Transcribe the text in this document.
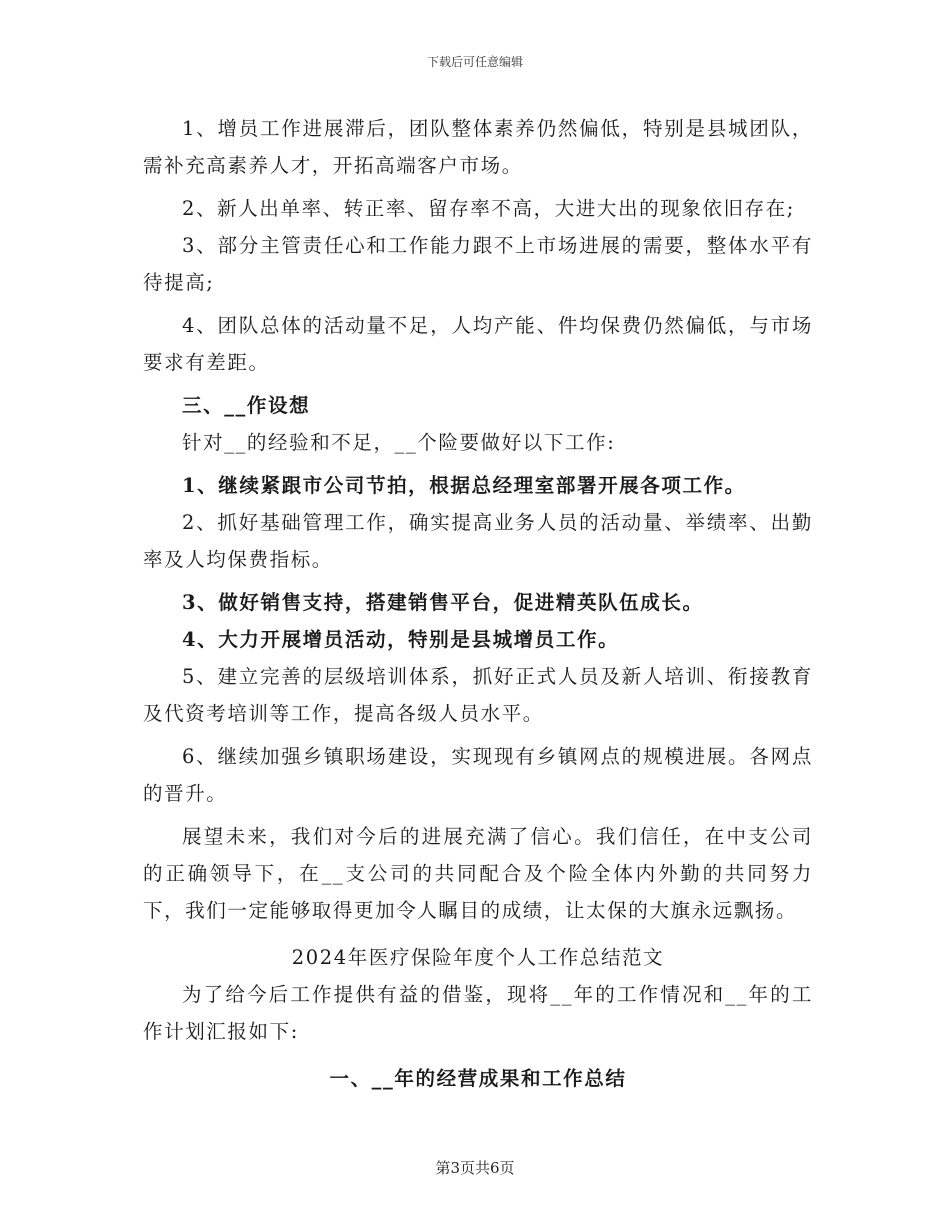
下载后可任意编辑

1、增员工作进展滞后，团队整体素养仍然偏低，特别是县城团队，需补充高素养人才，开拓高端客户市场。

2、新人出单率、转正率、留存率不高，大进大出的现象依旧存在;

3、部分主管责任心和工作能力跟不上市场进展的需要，整体水平有待提高;

4、团队总体的活动量不足，人均产能、件均保费仍然偏低，与市场要求有差距。

三、__作设想

针对__的经验和不足，__个险要做好以下工作:

1、继续紧跟市公司节拍，根据总经理室部署开展各项工作。

2、抓好基础管理工作，确实提高业务人员的活动量、举绩率、出勤率及人均保费指标。

3、做好销售支持，搭建销售平台，促进精英队伍成长。

4、大力开展增员活动，特别是县城增员工作。

5、建立完善的层级培训体系，抓好正式人员及新人培训、衔接教育及代资考培训等工作，提高各级人员水平。

6、继续加强乡镇职场建设，实现现有乡镇网点的规模进展。各网点的晋升。

展望未来，我们对今后的进展充满了信心。我们信任，在中支公司的正确领导下，在__支公司的共同配合及个险全体内外勤的共同努力下，我们一定能够取得更加令人瞩目的成绩，让太保的大旗永远飘扬。

2024年医疗保险年度个人工作总结范文

为了给今后工作提供有益的借鉴，现将__年的工作情况和__年的工作计划汇报如下:

一、__年的经营成果和工作总结

第3页共6页
